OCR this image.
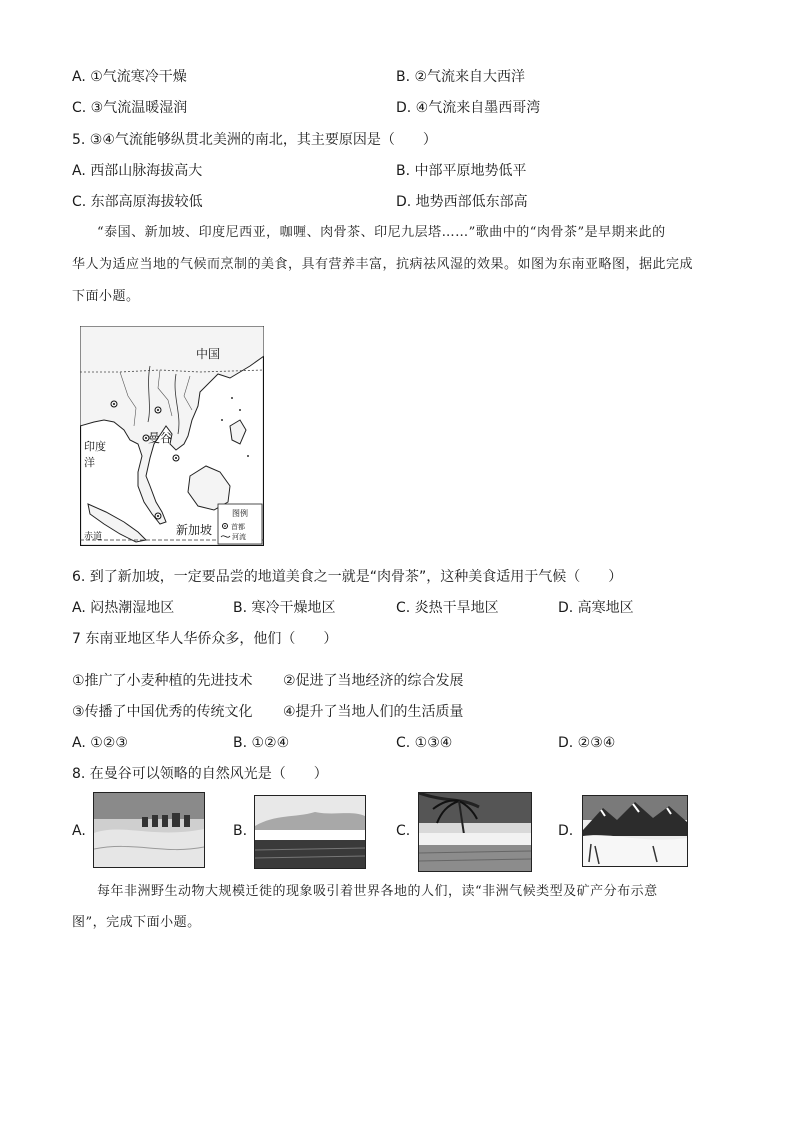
A. ①气流寒冷干燥	B. ②气流来自大西洋
C. ③气流温暖湿润	D. ④气流来自墨西哥湾
5. ③④气流能够纵贯北美洲的南北，其主要原因是（　　）
A. 西部山脉海拔高大	B. 中部平原地势低平
C. 东部高原海拔较低	D. 地势西部低东部高
“泰国、新加坡、印度尼西亚，咖喱、肉骨茶、印尼九层塔……”歌曲中的“肉骨茶”是早期来此的
华人为适应当地的气候而烹制的美食，具有营养丰富，抗病祛风湿的效果。如图为东南亚略图，据此完成
下面小题。
中国
印度
洋
曼谷
新加坡
赤道
图例
首都
河流
6. 到了新加坡，一定要品尝的地道美食之一就是“肉骨茶”，这种美食适用于气候（　　）
A. 闷热潮湿地区	B. 寒冷干燥地区	C. 炎热干旱地区	D. 高寒地区
7 东南亚地区华人华侨众多，他们（　　）
①推广了小麦种植的先进技术 ②促进了当地经济的综合发展
③传播了中国优秀的传统文化 ④提升了当地人们的生活质量
A. ①②③	B. ①②④	C. ①③④	D. ②③④
8. 在曼谷可以领略的自然风光是（　　）
A.	B.	C.	D.
每年非洲野生动物大规模迁徙的现象吸引着世界各地的人们，读“非洲气候类型及矿产分布示意
图”，完成下面小题。
